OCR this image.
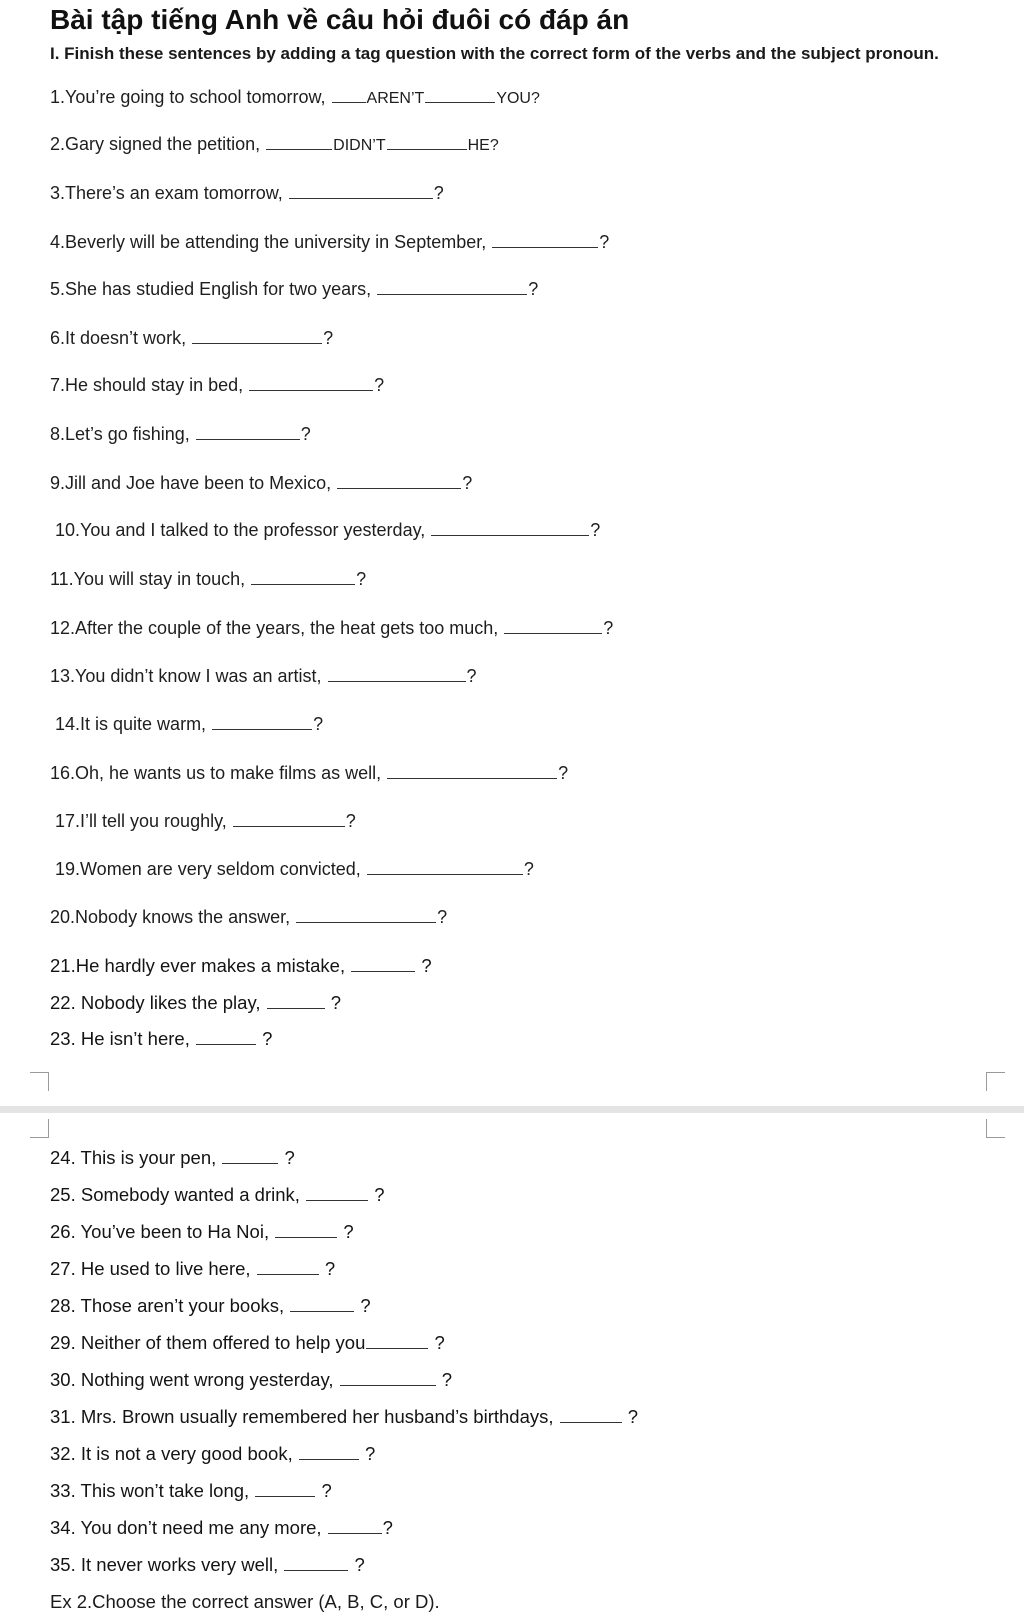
Bài tập tiếng Anh về câu hỏi đuôi có đáp án
I. Finish these sentences by adding a tag question with the correct form of the verbs and the subject pronoun.
1.You’re going to school tomorrow,	AREN’T	YOU?
2.Gary signed the petition,	DIDN’T	HE?
3.There’s an exam tomorrow,	?
4.Beverly will be attending the university in September,	?
5.She has studied English for two years,	?
6.It doesn’t work,	?
7.He should stay in bed,	?
8.Let’s go fishing,	?
9.Jill and Joe have been to Mexico,	?
10.You and I talked to the professor yesterday,	?
11.You will stay in touch,	?
12.After the couple of the years, the heat gets too much,	?
13.You didn’t know I was an artist,	?
14.It is quite warm,	?
16.Oh, he wants us to make films as well,	?
17.I’ll tell you roughly,	?
19.Women are very seldom convicted,	?
20.Nobody knows the answer,	?
21.He hardly ever makes a mistake,	?
22. Nobody likes the play,	?
23. He isn’t here,	?
24. This is your pen,	?
25. Somebody wanted a drink,	?
26. You’ve been to Ha Noi,	?
27. He used to live here,	?
28. Those aren’t your books,	?
29. Neither of them offered to help you	?
30. Nothing went wrong yesterday,	?
31. Mrs. Brown usually remembered her husband’s birthdays,	?
32. It is not a very good book,	?
33. This won’t take long,	?
34. You don’t need me any more,	?
35. It never works very well,	?
Ex 2.Choose the correct answer (A, B, C, or D).
